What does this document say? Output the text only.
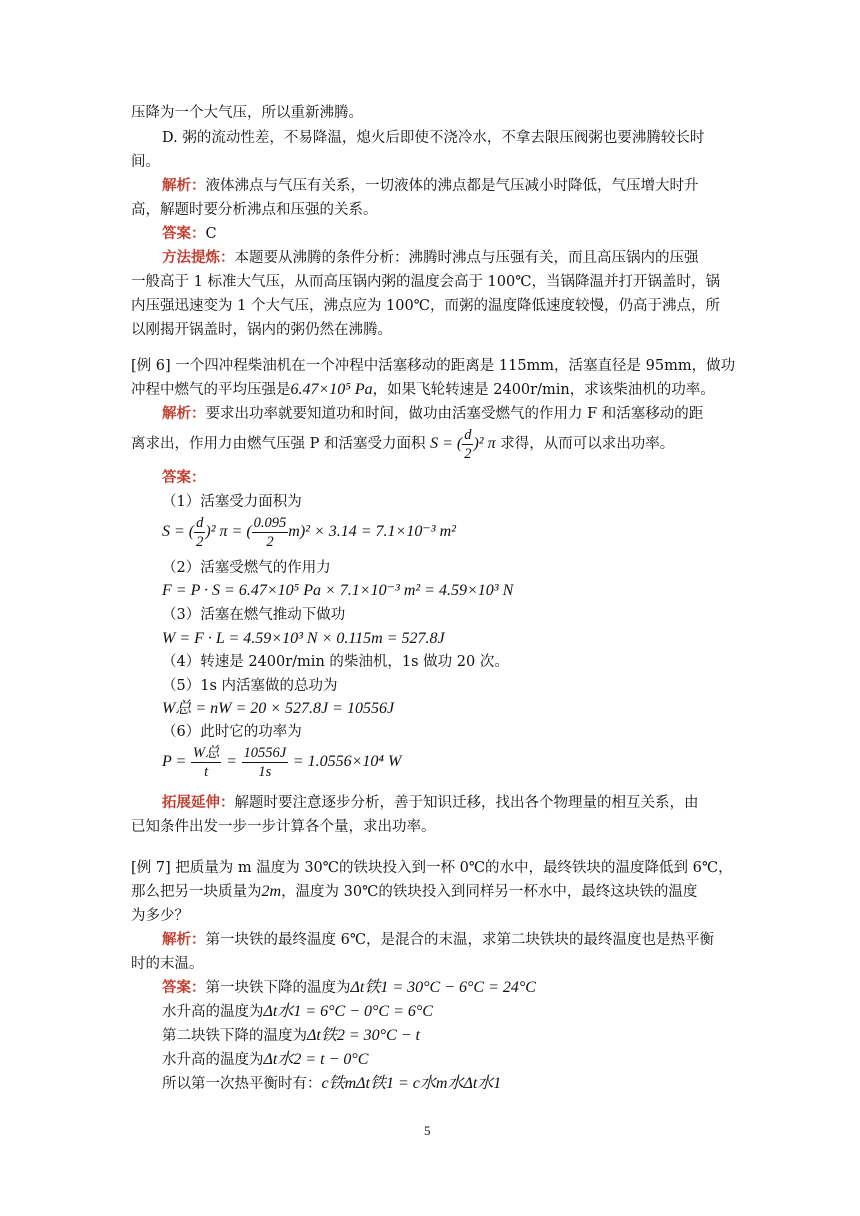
压降为一个大气压，所以重新沸腾。
D. 粥的流动性差，不易降温，熄火后即使不浇冷水，不拿去限压阀粥也要沸腾较长时
间。
解析：液体沸点与气压有关系，一切液体的沸点都是气压减小时降低，气压增大时升
高，解题时要分析沸点和压强的关系。
答案：C
方法提炼：本题要从沸腾的条件分析：沸腾时沸点与压强有关，而且高压锅内的压强
一般高于 1 标准大气压，从而高压锅内粥的温度会高于 100℃，当锅降温并打开锅盖时，锅
内压强迅速变为 1 个大气压，沸点应为 100℃，而粥的温度降低速度较慢，仍高于沸点，所
以刚揭开锅盖时，锅内的粥仍然在沸腾。
[例 6] 一个四冲程柴油机在一个冲程中活塞移动的距离是 115mm，活塞直径是 95mm，做功
冲程中燃气的平均压强是6.47×10⁵ Pa，如果飞轮转速是 2400r/min，求该柴油机的功率。
解析：要求出功率就要知道功和时间，做功由活塞受燃气的作用力 F 和活塞移动的距
离求出，作用力由燃气压强 P 和活塞受力面积 S = ( $\frac{d}{2} )^2$ π 求得，从而可以求出功率。
答案：
（1）活塞受力面积为
S = ( $\frac{d}{2} )^2$ π = ( $\frac{0.095}{2} m)^2 \times 3.14 = 7.1\times 10^{-3}$ m²
（2）活塞受燃气的作用力
F = P · S = 6.47×10⁵ Pa × 7.1×10⁻³ m² = 4.59×10³ N
（3）活塞在燃气推动下做功
W = F · L = 4.59×10³ N × 0.115m = 527.8J
（4）转速是 2400r/min 的柴油机，1s 做功 20 次。
（5）1s 内活塞做的总功为
W总 = nW = 20 × 527.8J = 10556J
（6）此时它的功率为
$P = \frac{\text{W总}}{t} = \frac{10556J}{1s} = 1.0556\times 10^4$ W
拓展延伸：解题时要注意逐步分析，善于知识迁移，找出各个物理量的相互关系，由
已知条件出发一步一步计算各个量，求出功率。
[例 7] 把质量为 m 温度为 30℃的铁块投入到一杯 0℃的水中，最终铁块的温度降低到 6℃，
那么把另一块质量为2m，温度为 30℃的铁块投入到同样另一杯水中，最终这块铁的温度
为多少？
解析：第一块铁的最终温度 6℃，是混合的末温，求第二块铁块的最终温度也是热平衡
时的末温。
答案：第一块铁下降的温度为Δt铁1 = 30°C − 6°C = 24°C
水升高的温度为Δt水1 = 6°C − 0°C = 6°C
第二块铁下降的温度为Δt铁2 = 30°C − t
水升高的温度为Δt水2 = t − 0°C
所以第一次热平衡时有：c铁mΔt铁1 = c水m水Δt水1
5
